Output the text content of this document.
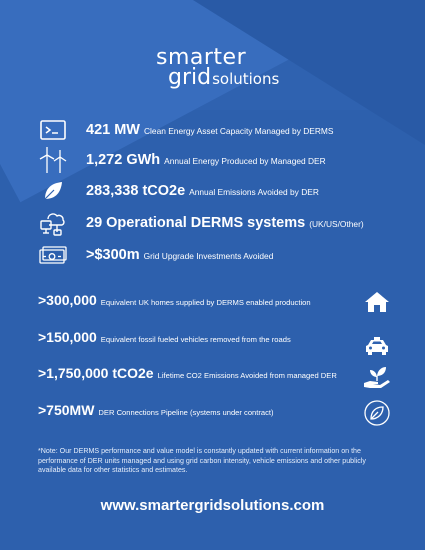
smarter
gridsolutions
421 MW Clean Energy Asset Capacity Managed by DERMS
1,272 GWh Annual Energy Produced by Managed DER
283,338 tCO2e Annual Emissions Avoided by DER
29 Operational DERMS systems (UK/US/Other)
>$300m Grid Upgrade Investments Avoided
>300,000 Equivalent UK homes supplied by DERMS enabled production
>150,000 Equivalent fossil fueled vehicles removed from the roads
>1,750,000 tCO2e Lifetime CO2 Emissions Avoided from managed DER
>750MW DER Connections Pipeline (systems under contract)
*Note: Our DERMS performance and value model is constantly updated with current information on the performance of DER units managed and using grid carbon intensity, vehicle emissions and other publicly available data for other statistics and estimates.
www.smartergridsolutions.com
